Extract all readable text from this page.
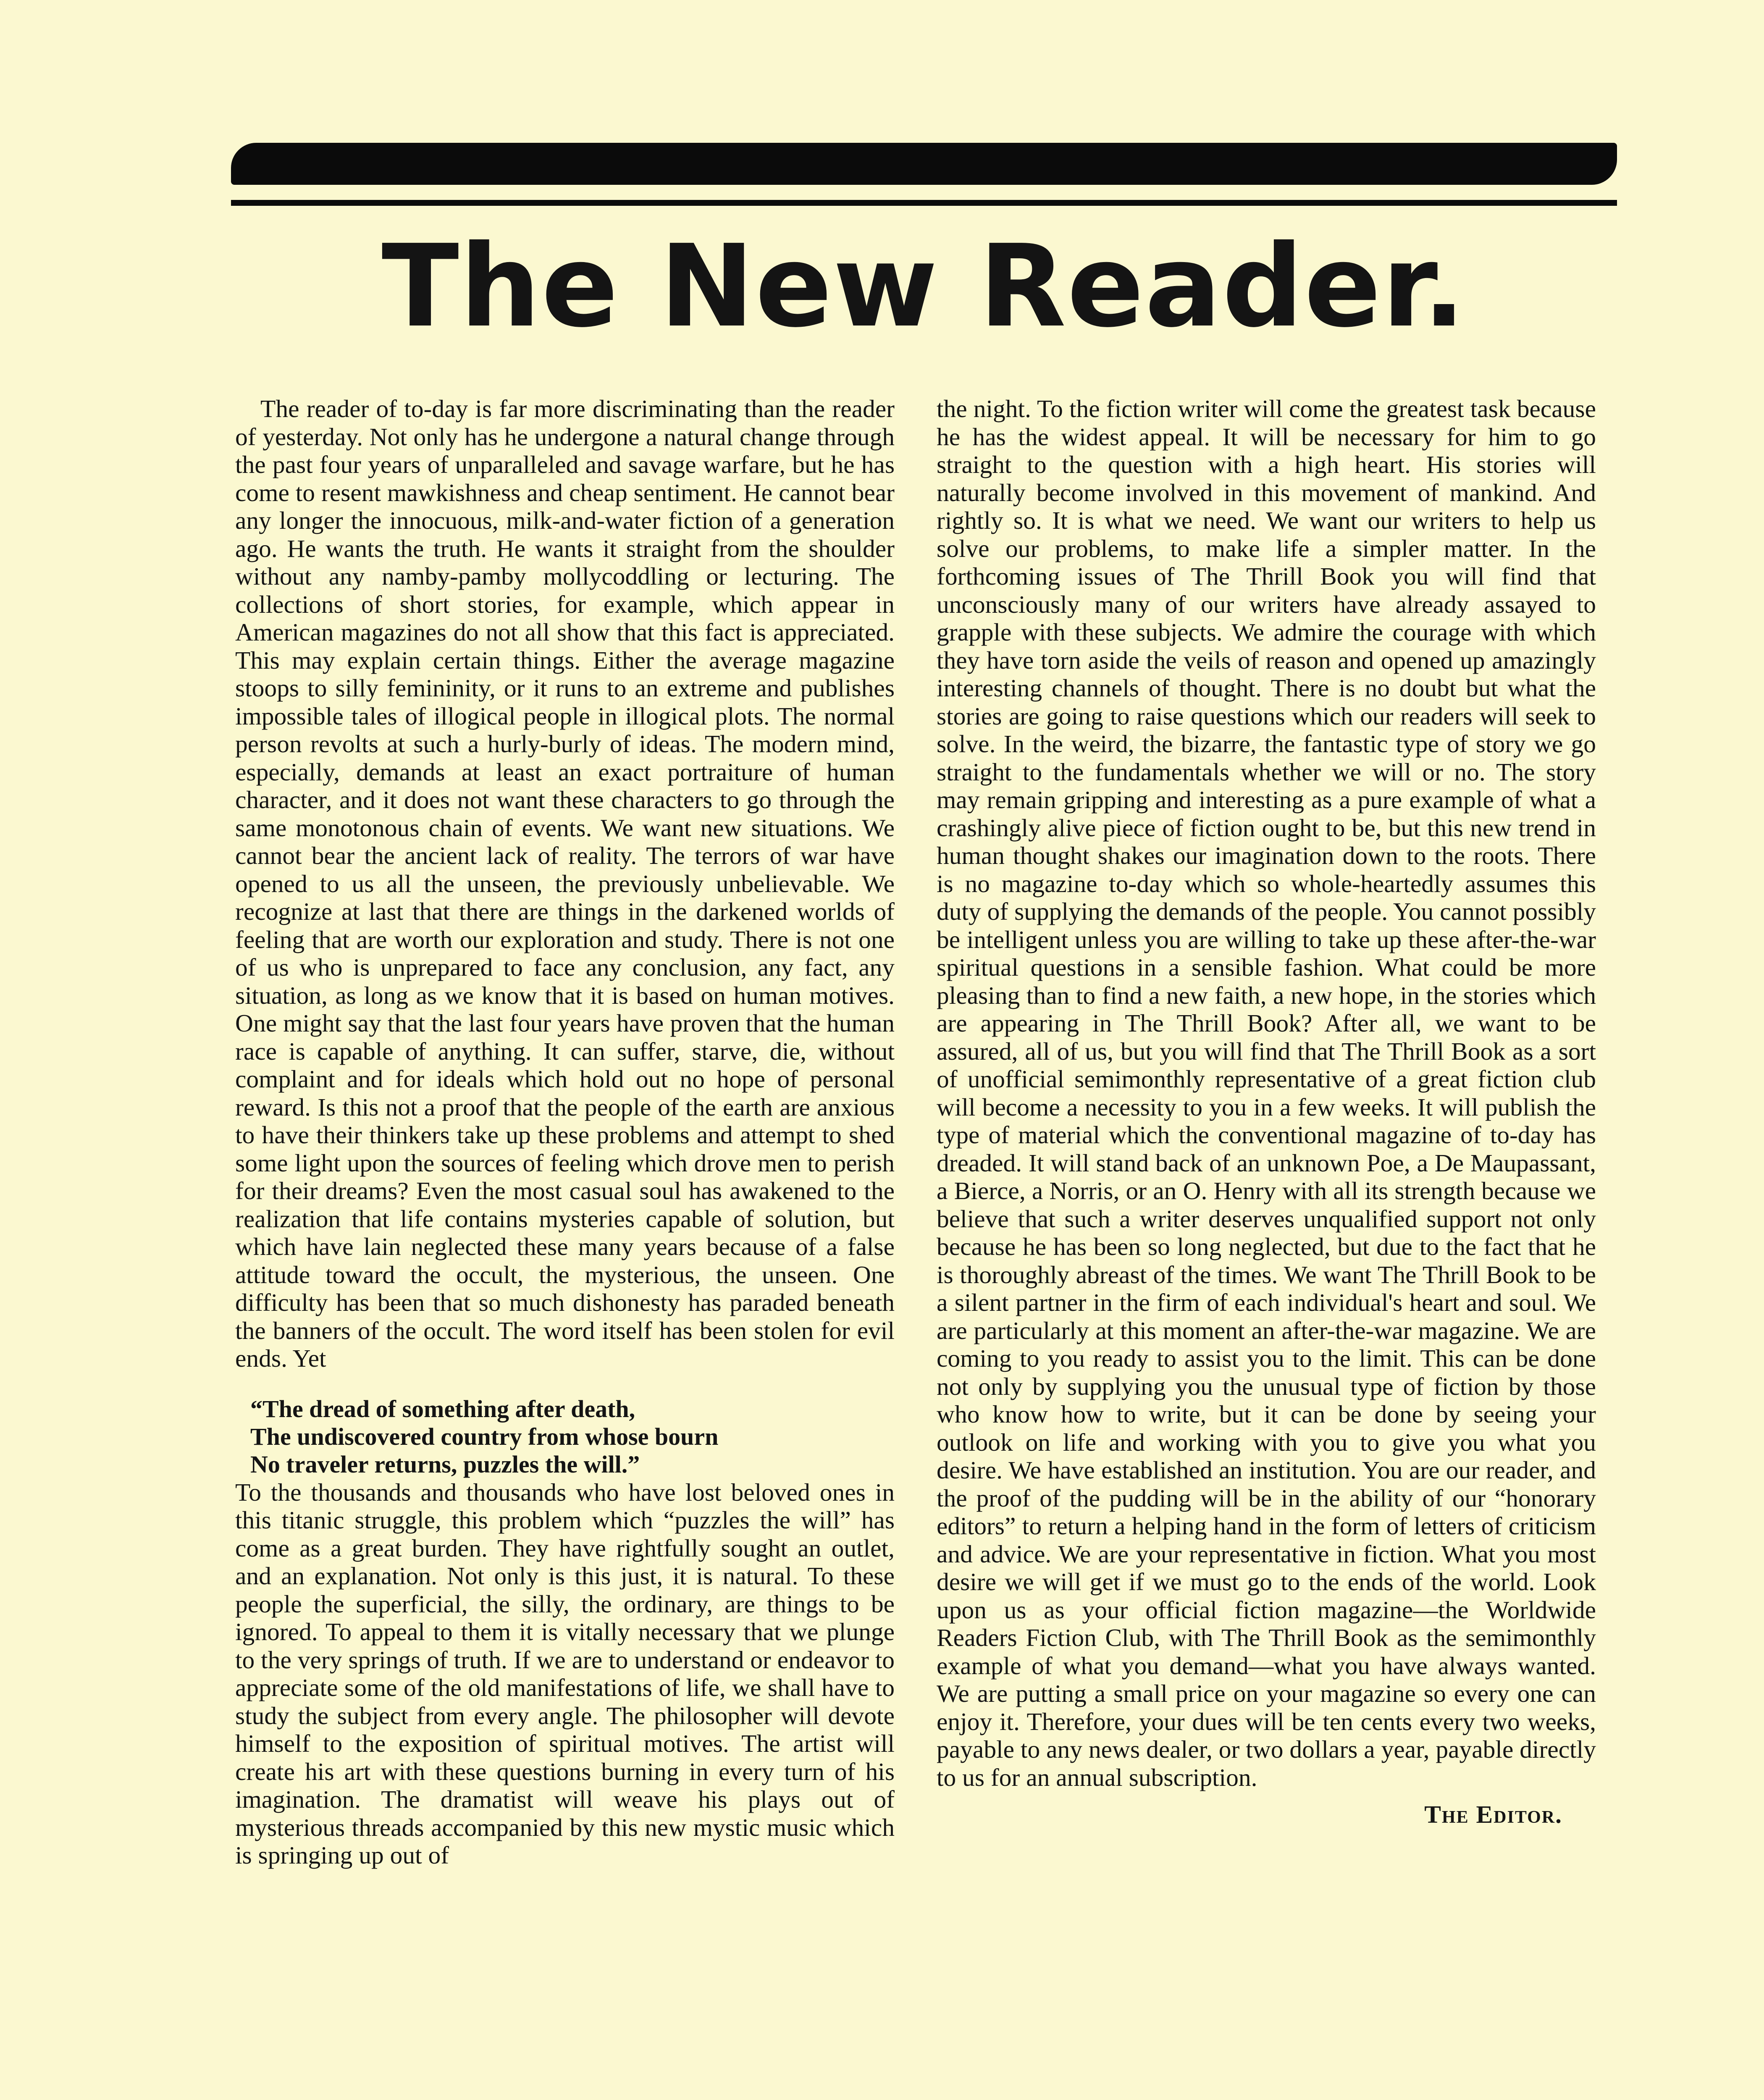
The New Reader.

The reader of to-day is far more discriminating than the reader of yesterday. Not only has he undergone a natural change through the past four years of unparalleled and savage warfare, but he has come to resent mawkishness and cheap sentiment. He cannot bear any longer the innocuous, milk-and-water fiction of a generation ago. He wants the truth. He wants it straight from the shoulder without any namby-pamby mollycoddling or lecturing. The collections of short stories, for example, which appear in American magazines do not all show that this fact is appreciated. This may explain certain things. Either the average magazine stoops to silly femininity, or it runs to an extreme and publishes impossible tales of illogical people in illogical plots. The normal person revolts at such a hurly-burly of ideas. The modern mind, especially, demands at least an exact portraiture of human character, and it does not want these characters to go through the same monotonous chain of events. We want new situations. We cannot bear the ancient lack of reality. The terrors of war have opened to us all the unseen, the previously unbelievable. We recognize at last that there are things in the darkened worlds of feeling that are worth our exploration and study. There is not one of us who is unprepared to face any conclusion, any fact, any situation, as long as we know that it is based on human motives. One might say that the last four years have proven that the human race is capable of anything. It can suffer, starve, die, without complaint and for ideals which hold out no hope of personal reward. Is this not a proof that the people of the earth are anxious to have their thinkers take up these problems and attempt to shed some light upon the sources of feeling which drove men to perish for their dreams? Even the most casual soul has awakened to the realization that life contains mysteries capable of solution, but which have lain neglected these many years because of a false attitude toward the occult, the mysterious, the unseen. One difficulty has been that so much dishonesty has paraded beneath the banners of the occult. The word itself has been stolen for evil ends. Yet

“The dread of something after death,
The undiscovered country from whose bourn
No traveler returns, puzzles the will.”

To the thousands and thousands who have lost beloved ones in this titanic struggle, this problem which “puzzles the will” has come as a great burden. They have rightfully sought an outlet, and an explanation. Not only is this just, it is natural. To these people the superficial, the silly, the ordinary, are things to be ignored. To appeal to them it is vitally necessary that we plunge to the very springs of truth. If we are to understand or endeavor to appreciate some of the old manifestations of life, we shall have to study the subject from every angle. The philosopher will devote himself to the exposition of spiritual motives. The artist will create his art with these questions burning in every turn of his imagination. The dramatist will weave his plays out of mysterious threads accompanied by this new mystic music which is springing up out of

the night. To the fiction writer will come the greatest task because he has the widest appeal. It will be necessary for him to go straight to the question with a high heart. His stories will naturally become involved in this movement of mankind. And rightly so. It is what we need. We want our writers to help us solve our problems, to make life a simpler matter. In the forthcoming issues of The Thrill Book you will find that unconsciously many of our writers have already assayed to grapple with these subjects. We admire the courage with which they have torn aside the veils of reason and opened up amazingly interesting channels of thought. There is no doubt but what the stories are going to raise questions which our readers will seek to solve. In the weird, the bizarre, the fantastic type of story we go straight to the fundamentals whether we will or no. The story may remain gripping and interesting as a pure example of what a crashingly alive piece of fiction ought to be, but this new trend in human thought shakes our imagination down to the roots. There is no magazine to-day which so whole-heartedly assumes this duty of supplying the demands of the people. You cannot possibly be intelligent unless you are willing to take up these after-the-war spiritual questions in a sensible fashion. What could be more pleasing than to find a new faith, a new hope, in the stories which are appearing in The Thrill Book? After all, we want to be assured, all of us, but you will find that The Thrill Book as a sort of unofficial semimonthly representative of a great fiction club will become a necessity to you in a few weeks. It will publish the type of material which the conventional magazine of to-day has dreaded. It will stand back of an unknown Poe, a De Maupassant, a Bierce, a Norris, or an O. Henry with all its strength because we believe that such a writer deserves unqualified support not only because he has been so long neglected, but due to the fact that he is thoroughly abreast of the times. We want The Thrill Book to be a silent partner in the firm of each individual's heart and soul. We are particularly at this moment an after-the-war magazine. We are coming to you ready to assist you to the limit. This can be done not only by supplying you the unusual type of fiction by those who know how to write, but it can be done by seeing your outlook on life and working with you to give you what you desire. We have established an institution. You are our reader, and the proof of the pudding will be in the ability of our “honorary editors” to return a helping hand in the form of letters of criticism and advice. We are your representative in fiction. What you most desire we will get if we must go to the ends of the world. Look upon us as your official fiction magazine—the Worldwide Readers Fiction Club, with The Thrill Book as the semimonthly example of what you demand—what you have always wanted. We are putting a small price on your magazine so every one can enjoy it. Therefore, your dues will be ten cents every two weeks, payable to any news dealer, or two dollars a year, payable directly to us for an annual subscription.

The Editor.
